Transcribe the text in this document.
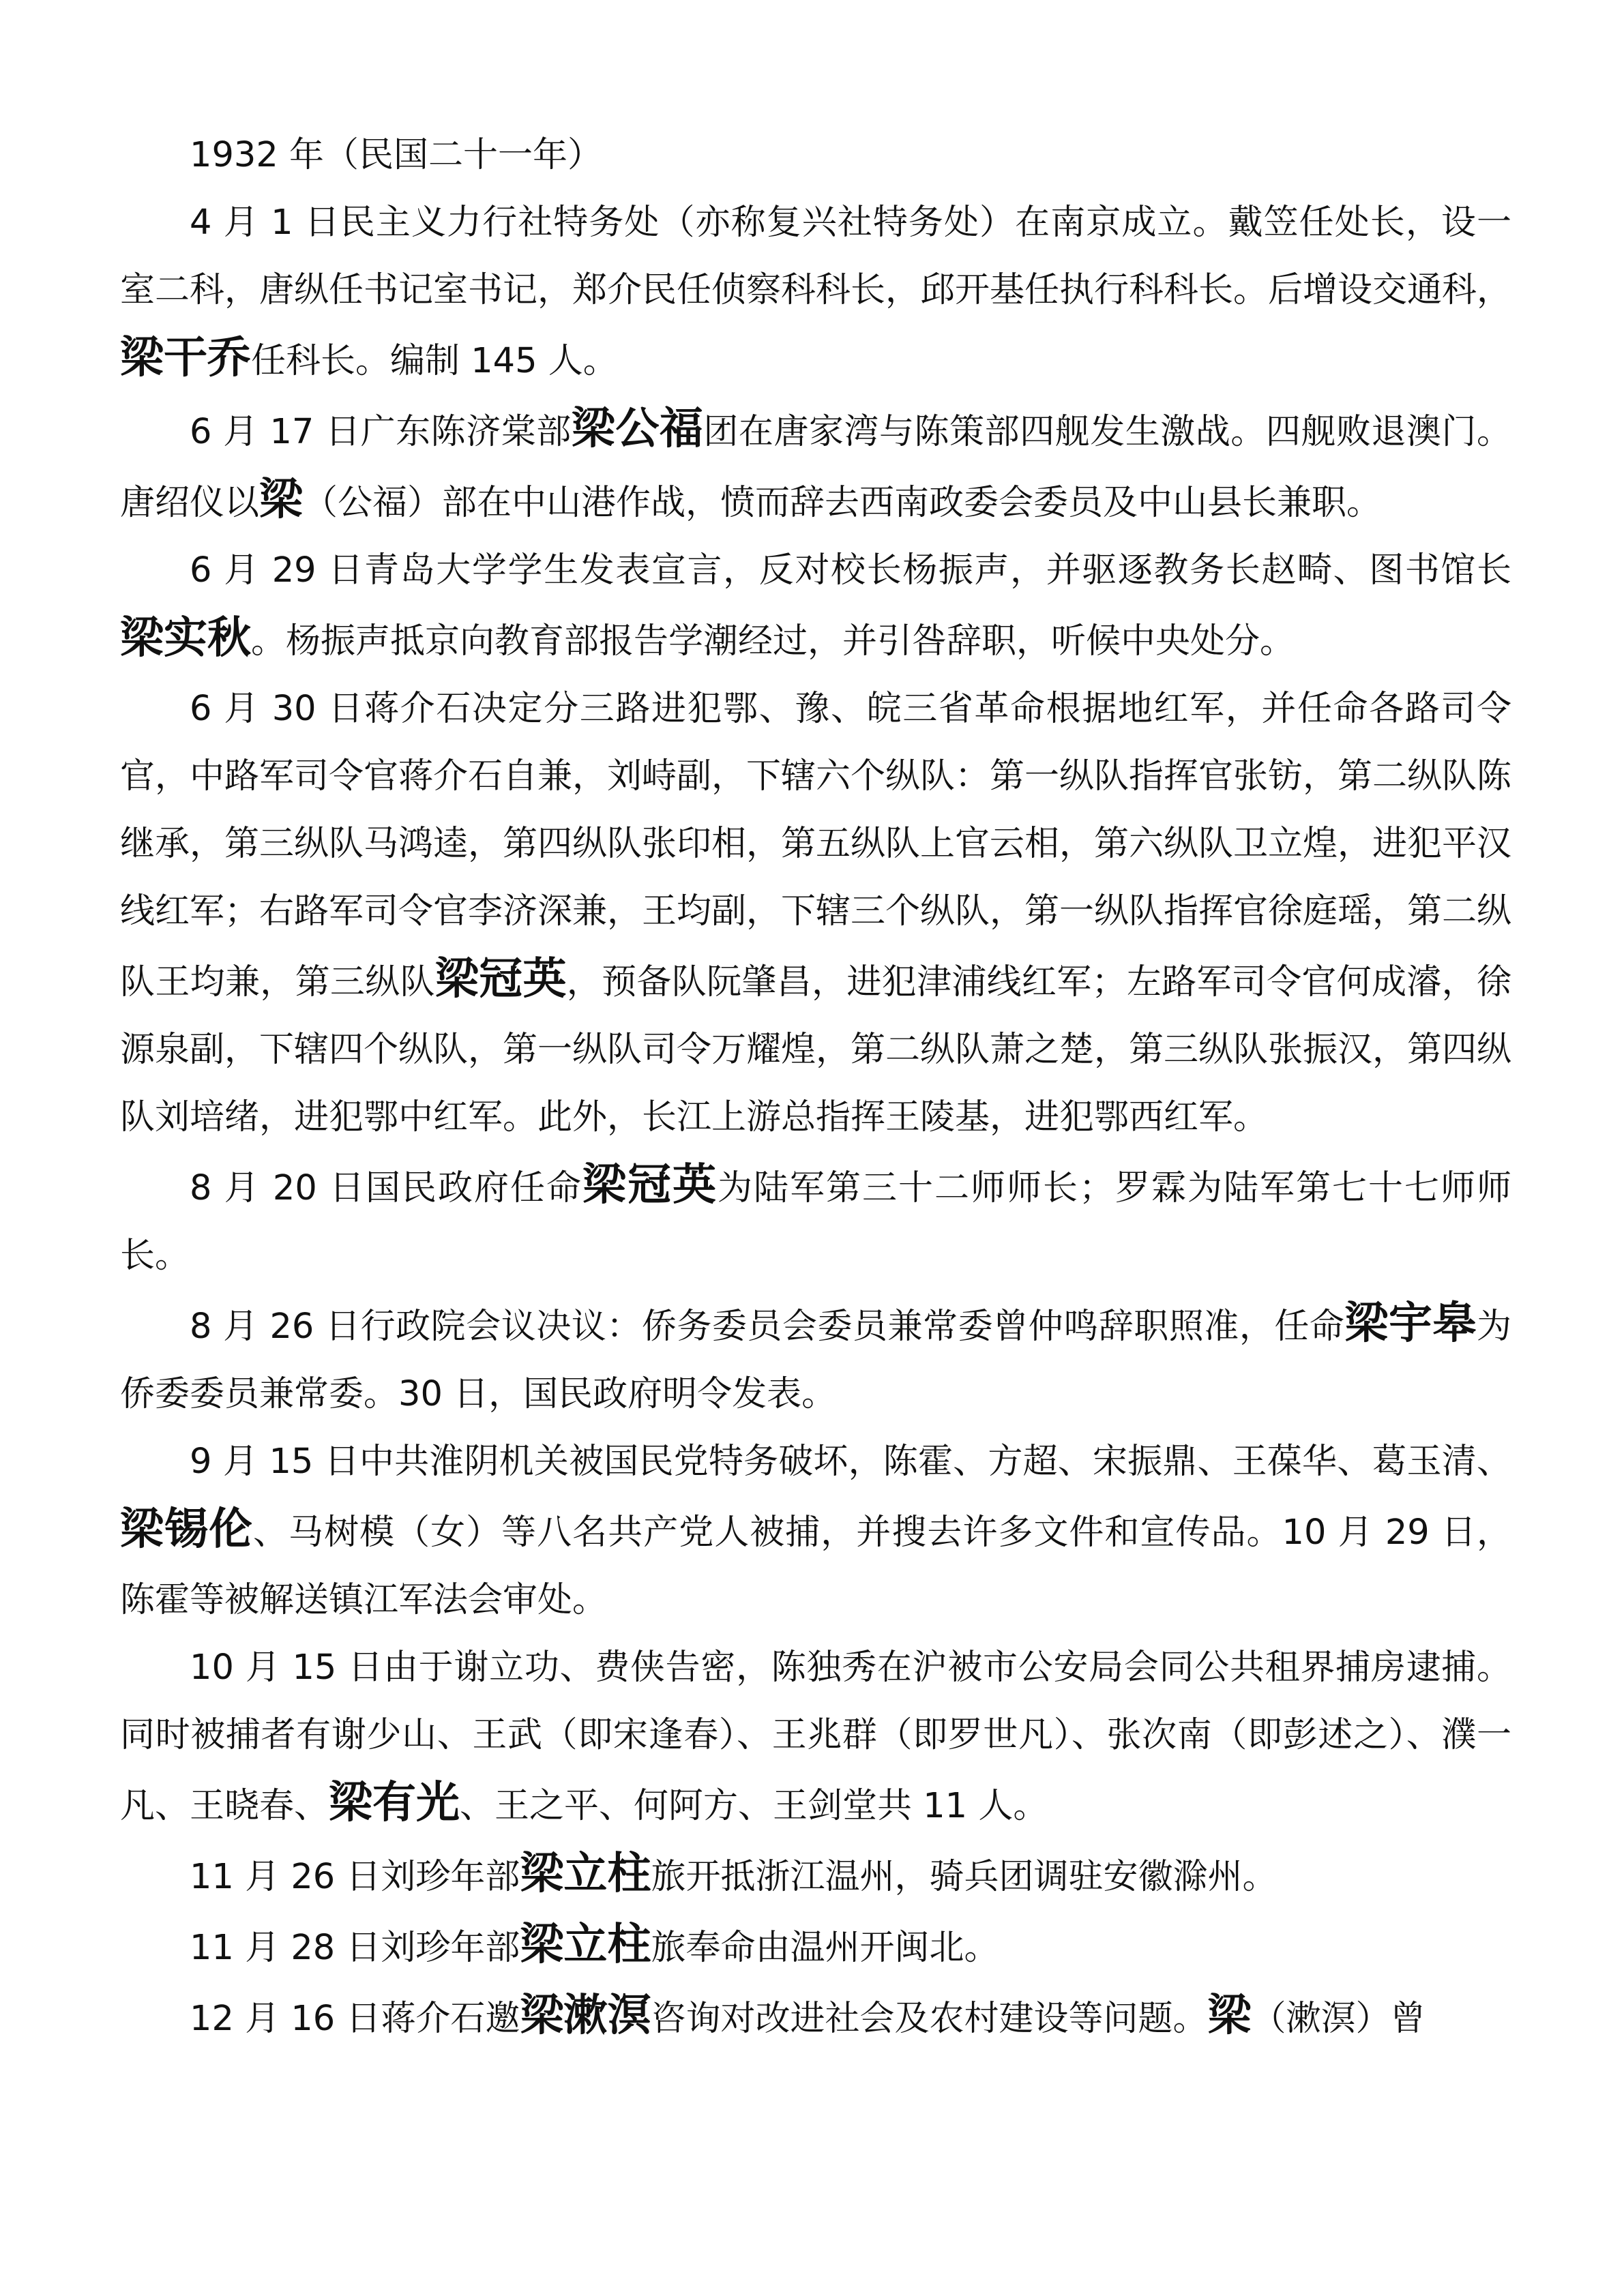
1932 年（民国二十一年）

4 月 1 日民主义力行社特务处（亦称复兴社特务处）在南京成立。戴笠任处长，设一室二科，唐纵任书记室书记，郑介民任侦察科科长，邱开基任执行科科长。后增设交通科，梁干乔任科长。编制 145 人。

6 月 17 日广东陈济棠部梁公福团在唐家湾与陈策部四舰发生激战。四舰败退澳门。唐绍仪以梁（公福）部在中山港作战，愤而辞去西南政委会委员及中山县长兼职。

6 月 29 日青岛大学学生发表宣言，反对校长杨振声，并驱逐教务长赵畸、图书馆长梁实秋。杨振声抵京向教育部报告学潮经过，并引咎辞职，听候中央处分。

6 月 30 日蒋介石决定分三路进犯鄂、豫、皖三省革命根据地红军，并任命各路司令官，中路军司令官蒋介石自兼，刘峙副，下辖六个纵队：第一纵队指挥官张钫，第二纵队陈继承，第三纵队马鸿逵，第四纵队张印相，第五纵队上官云相，第六纵队卫立煌，进犯平汉线红军；右路军司令官李济深兼，王均副，下辖三个纵队，第一纵队指挥官徐庭瑶，第二纵队王均兼，第三纵队梁冠英，预备队阮肇昌，进犯津浦线红军；左路军司令官何成濬，徐源泉副，下辖四个纵队，第一纵队司令万耀煌，第二纵队萧之楚，第三纵队张振汉，第四纵队刘培绪，进犯鄂中红军。此外，长江上游总指挥王陵基，进犯鄂西红军。

8 月 20 日国民政府任命梁冠英为陆军第三十二师师长；罗霖为陆军第七十七师师长。

8 月 26 日行政院会议决议：侨务委员会委员兼常委曾仲鸣辞职照准，任命梁宇皋为侨委委员兼常委。30 日，国民政府明令发表。

9 月 15 日中共淮阴机关被国民党特务破坏，陈霍、方超、宋振鼎、王葆华、葛玉清、梁锡伦、马树模（女）等八名共产党人被捕，并搜去许多文件和宣传品。10 月 29 日，陈霍等被解送镇江军法会审处。

10 月 15 日由于谢立功、费侠告密，陈独秀在沪被市公安局会同公共租界捕房逮捕。同时被捕者有谢少山、王武（即宋逢春）、王兆群（即罗世凡）、张次南（即彭述之）、濮一凡、王晓春、梁有光、王之平、何阿方、王剑堂共 11 人。

11 月 26 日刘珍年部梁立柱旅开抵浙江温州，骑兵团调驻安徽滁州。

11 月 28 日刘珍年部梁立柱旅奉命由温州开闽北。

12 月 16 日蒋介石邀梁漱溟咨询对改进社会及农村建设等问题。梁（漱溟）曾
